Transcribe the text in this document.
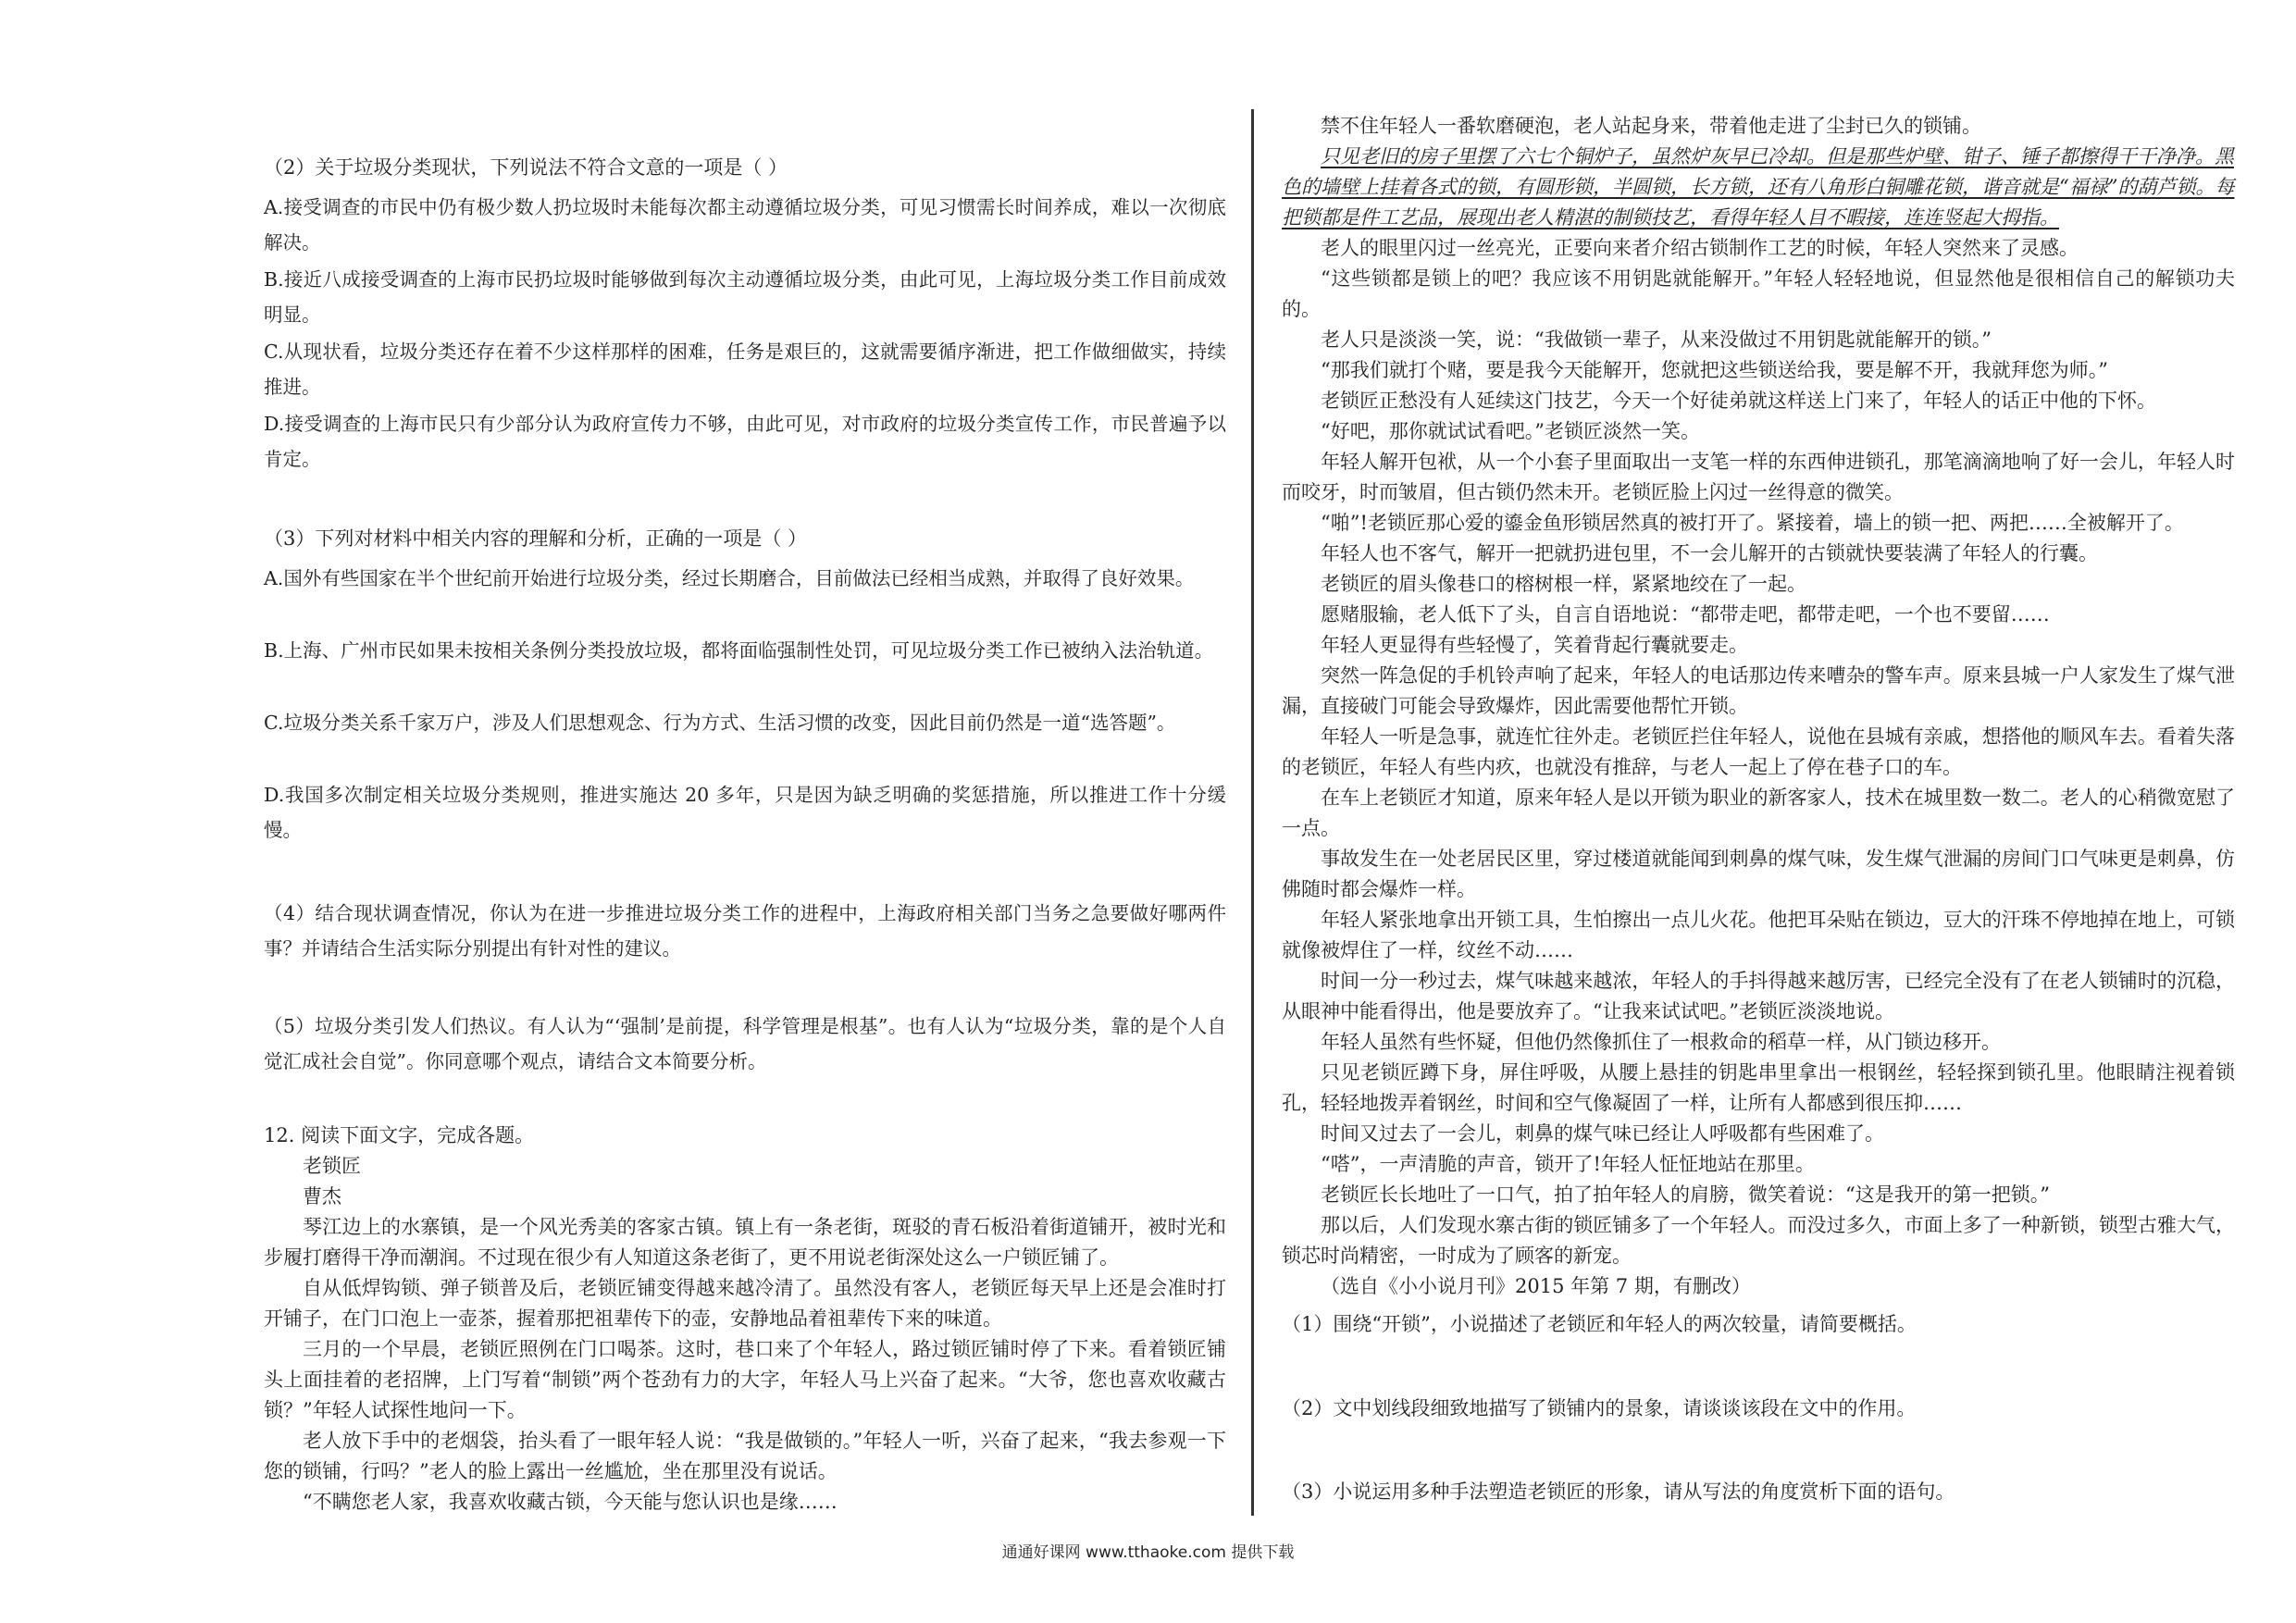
（2）关于垃圾分类现状，下列说法不符合文意的一项是（ ）
A.接受调查的市民中仍有极少数人扔垃圾时未能每次都主动遵循垃圾分类，可见习惯需长时间养成，难以一次彻底解决。
B.接近八成接受调查的上海市民扔垃圾时能够做到每次主动遵循垃圾分类，由此可见，上海垃圾分类工作目前成效明显。
C.从现状看，垃圾分类还存在着不少这样那样的困难，任务是艰巨的，这就需要循序渐进，把工作做细做实，持续推进。
D.接受调查的上海市民只有少部分认为政府宣传力不够，由此可见，对市政府的垃圾分类宣传工作，市民普遍予以肯定。
（3）下列对材料中相关内容的理解和分析，正确的一项是（ ）
A.国外有些国家在半个世纪前开始进行垃圾分类，经过长期磨合，目前做法已经相当成熟，并取得了良好效果。
B.上海、广州市民如果未按相关条例分类投放垃圾，都将面临强制性处罚，可见垃圾分类工作已被纳入法治轨道。
C.垃圾分类关系千家万户，涉及人们思想观念、行为方式、生活习惯的改变，因此目前仍然是一道“选答题”。
D.我国多次制定相关垃圾分类规则，推进实施达 20 多年，只是因为缺乏明确的奖惩措施，所以推进工作十分缓慢。
（4）结合现状调查情况，你认为在进一步推进垃圾分类工作的进程中，上海政府相关部门当务之急要做好哪两件事？并请结合生活实际分别提出有针对性的建议。
（5）垃圾分类引发人们热议。有人认为“‘强制’是前提，科学管理是根基”。也有人认为“垃圾分类，靠的是个人自觉汇成社会自觉”。你同意哪个观点，请结合文本简要分析。
12. 阅读下面文字，完成各题。
老锁匠
曹杰
琴江边上的水寨镇，是一个风光秀美的客家古镇。镇上有一条老街，斑驳的青石板沿着街道铺开，被时光和步履打磨得干净而潮润。不过现在很少有人知道这条老街了，更不用说老街深处这么一户锁匠铺了。
自从低焊钩锁、弹子锁普及后，老锁匠铺变得越来越冷清了。虽然没有客人，老锁匠每天早上还是会准时打开铺子，在门口泡上一壶茶，握着那把祖辈传下的壶，安静地品着祖辈传下来的味道。
三月的一个早晨，老锁匠照例在门口喝茶。这时，巷口来了个年轻人，路过锁匠铺时停了下来。看着锁匠铺头上面挂着的老招牌，上门写着“制锁”两个苍劲有力的大字，年轻人马上兴奋了起来。“大爷，您也喜欢收藏古锁？”年轻人试探性地问一下。
老人放下手中的老烟袋，抬头看了一眼年轻人说：“我是做锁的。”年轻人一听，兴奋了起来，“我去参观一下您的锁铺，行吗？”老人的脸上露出一丝尴尬，坐在那里没有说话。
“不瞒您老人家，我喜欢收藏古锁，今天能与您认识也是缘……
禁不住年轻人一番软磨硬泡，老人站起身来，带着他走进了尘封已久的锁铺。
只见老旧的房子里摆了六七个铜炉子，虽然炉灰早已冷却。但是那些炉壁、钳子、锤子都擦得干干净净。黑色的墙壁上挂着各式的锁，有圆形锁，半圆锁，长方锁，还有八角形白铜雕花锁，谐音就是“福禄”的葫芦锁。每把锁都是件工艺品，展现出老人精湛的制锁技艺，看得年轻人目不暇接，连连竖起大拇指。
老人的眼里闪过一丝亮光，正要向来者介绍古锁制作工艺的时候，年轻人突然来了灵感。
“这些锁都是锁上的吧？我应该不用钥匙就能解开。”年轻人轻轻地说，但显然他是很相信自己的解锁功夫的。
老人只是淡淡一笑，说：“我做锁一辈子，从来没做过不用钥匙就能解开的锁。”
“那我们就打个赌，要是我今天能解开，您就把这些锁送给我，要是解不开，我就拜您为师。”
老锁匠正愁没有人延续这门技艺，今天一个好徒弟就这样送上门来了，年轻人的话正中他的下怀。
“好吧，那你就试试看吧。”老锁匠淡然一笑。
年轻人解开包袱，从一个小套子里面取出一支笔一样的东西伸进锁孔，那笔滴滴地响了好一会儿，年轻人时而咬牙，时而皱眉，但古锁仍然未开。老锁匠脸上闪过一丝得意的微笑。
“啪”!老锁匠那心爱的鎏金鱼形锁居然真的被打开了。紧接着，墙上的锁一把、两把……全被解开了。
年轻人也不客气，解开一把就扔进包里，不一会儿解开的古锁就快要装满了年轻人的行囊。
老锁匠的眉头像巷口的榕树根一样，紧紧地绞在了一起。
愿赌服输，老人低下了头，自言自语地说：“都带走吧，都带走吧，一个也不要留……
年轻人更显得有些轻慢了，笑着背起行囊就要走。
突然一阵急促的手机铃声响了起来，年轻人的电话那边传来嘈杂的警车声。原来县城一户人家发生了煤气泄漏，直接破门可能会导致爆炸，因此需要他帮忙开锁。
年轻人一听是急事，就连忙往外走。老锁匠拦住年轻人，说他在县城有亲戚，想搭他的顺风车去。看着失落的老锁匠，年轻人有些内疚，也就没有推辞，与老人一起上了停在巷子口的车。
在车上老锁匠才知道，原来年轻人是以开锁为职业的新客家人，技术在城里数一数二。老人的心稍微宽慰了一点。
事故发生在一处老居民区里，穿过楼道就能闻到刺鼻的煤气味，发生煤气泄漏的房间门口气味更是刺鼻，仿佛随时都会爆炸一样。
年轻人紧张地拿出开锁工具，生怕擦出一点儿火花。他把耳朵贴在锁边，豆大的汗珠不停地掉在地上，可锁就像被焊住了一样，纹丝不动……
时间一分一秒过去，煤气味越来越浓，年轻人的手抖得越来越厉害，已经完全没有了在老人锁铺时的沉稳，从眼神中能看得出，他是要放弃了。“让我来试试吧。”老锁匠淡淡地说。
年轻人虽然有些怀疑，但他仍然像抓住了一根救命的稻草一样，从门锁边移开。
只见老锁匠蹲下身，屏住呼吸，从腰上悬挂的钥匙串里拿出一根钢丝，轻轻探到锁孔里。他眼睛注视着锁孔，轻轻地拨弄着钢丝，时间和空气像凝固了一样，让所有人都感到很压抑……
时间又过去了一会儿，刺鼻的煤气味已经让人呼吸都有些困难了。
“嗒”，一声清脆的声音，锁开了!年轻人怔怔地站在那里。
老锁匠长长地吐了一口气，拍了拍年轻人的肩膀，微笑着说：“这是我开的第一把锁。”
那以后，人们发现水寨古街的锁匠铺多了一个年轻人。而没过多久，市面上多了一种新锁，锁型古雅大气，锁芯时尚精密，一时成为了顾客的新宠。
（选自《小小说月刊》2015 年第 7 期，有删改）
（1）围绕“开锁”，小说描述了老锁匠和年轻人的两次较量，请简要概括。
（2）文中划线段细致地描写了锁铺内的景象，请谈谈该段在文中的作用。
（3）小说运用多种手法塑造老锁匠的形象，请从写法的角度赏析下面的语句。
通通好课网 www.tthaoke.com 提供下载
